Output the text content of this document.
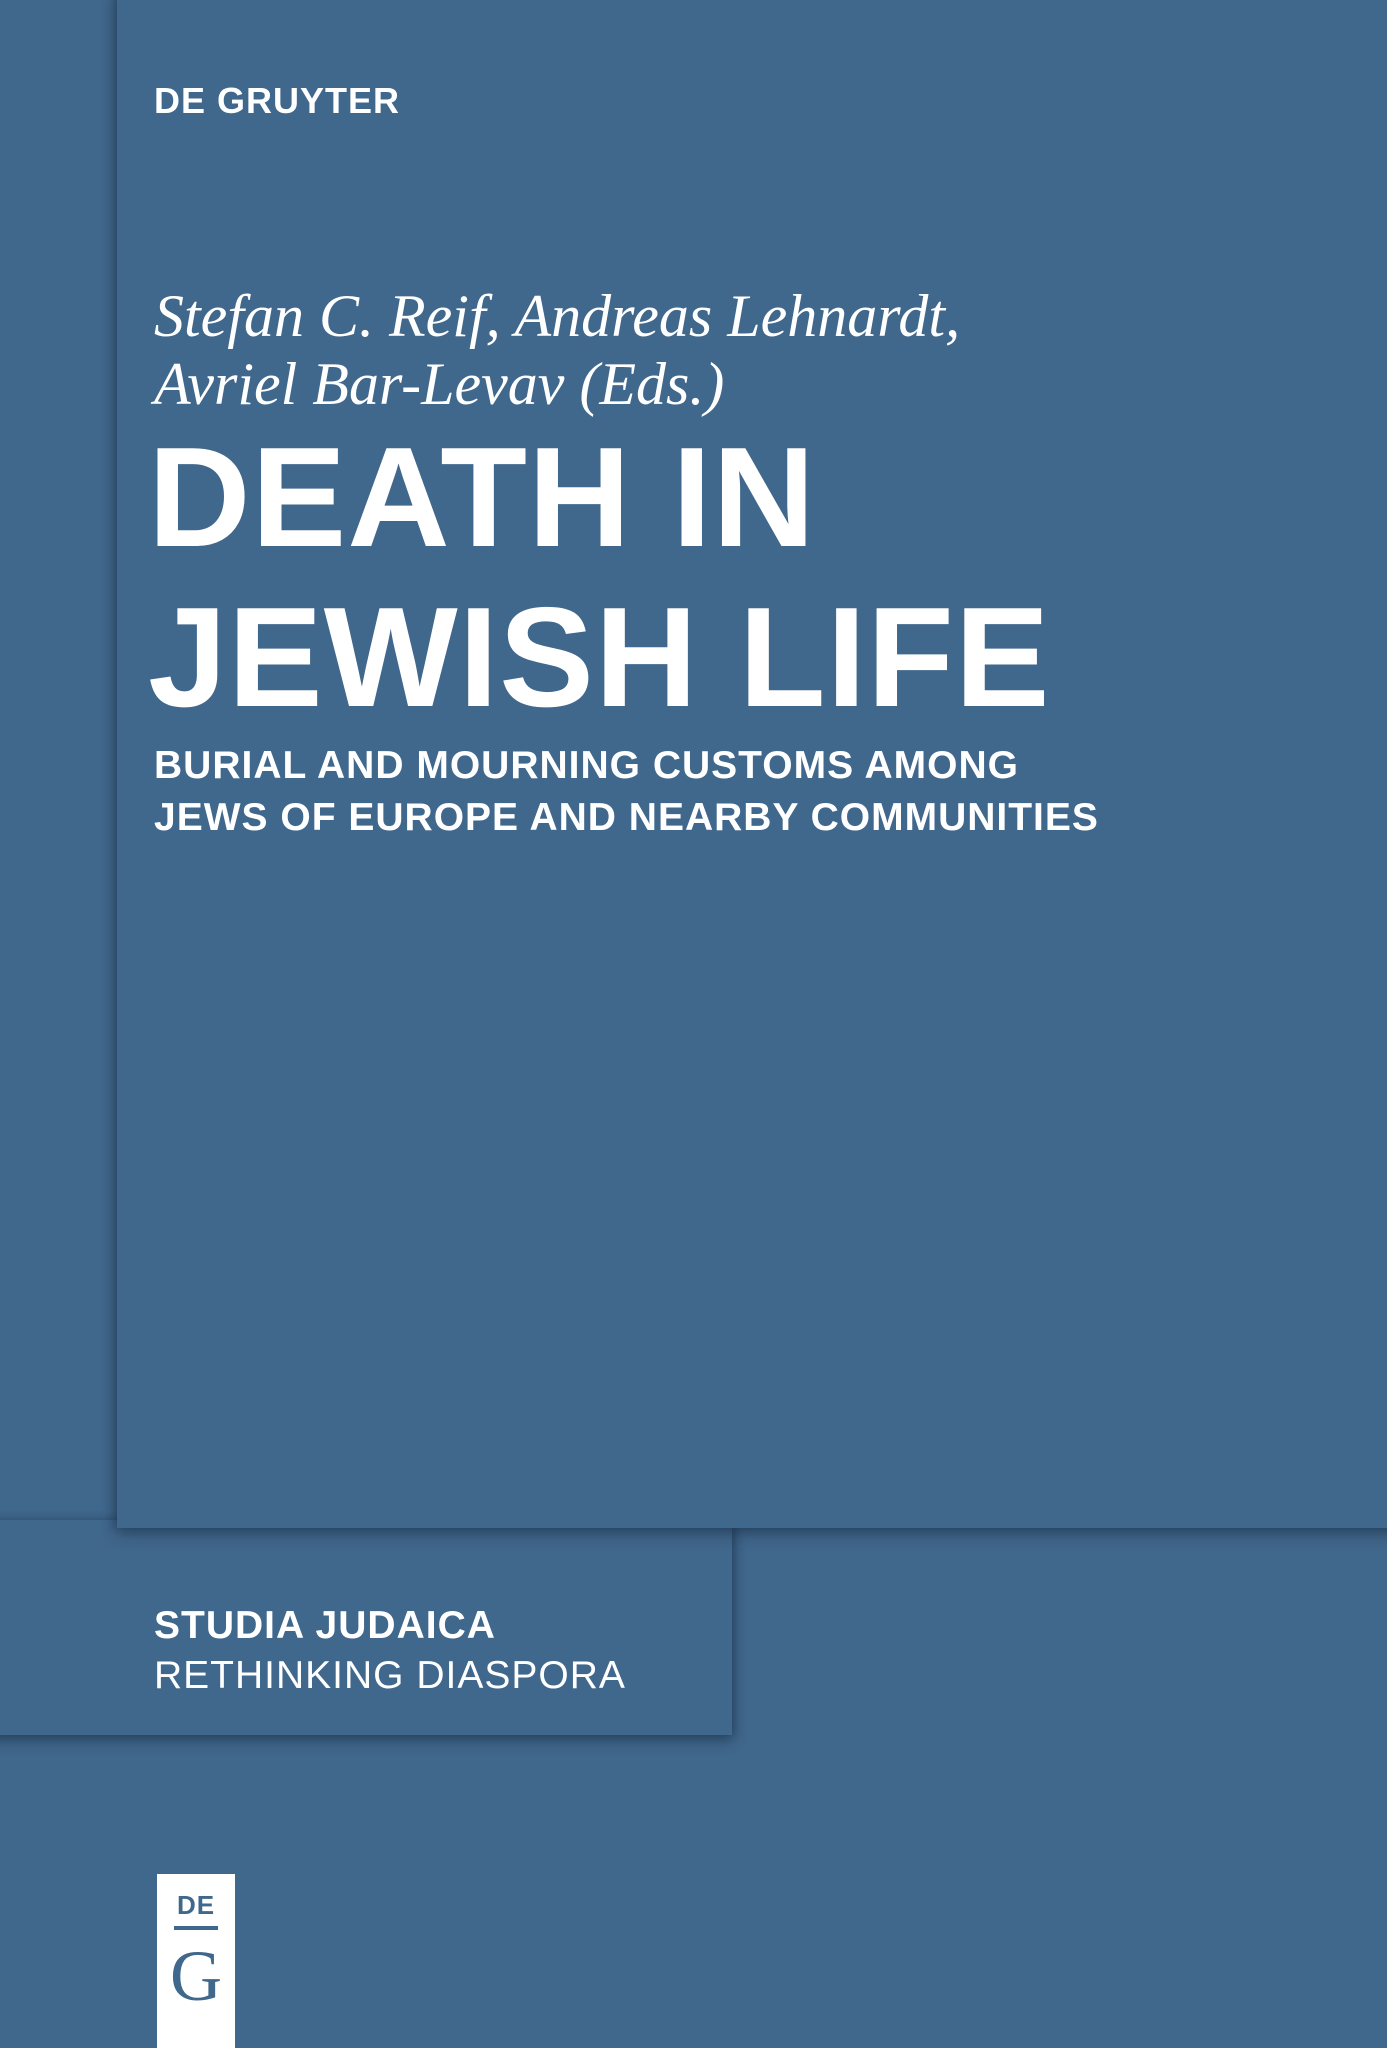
DE GRUYTER
Stefan C. Reif, Andreas Lehnardt,
Avriel Bar-Levav (Eds.)
DEATH IN
JEWISH LIFE
BURIAL AND MOURNING CUSTOMS AMONG
JEWS OF EUROPE AND NEARBY COMMUNITIES
STUDIA JUDAICA
RETHINKING DIASPORA
DE
G
